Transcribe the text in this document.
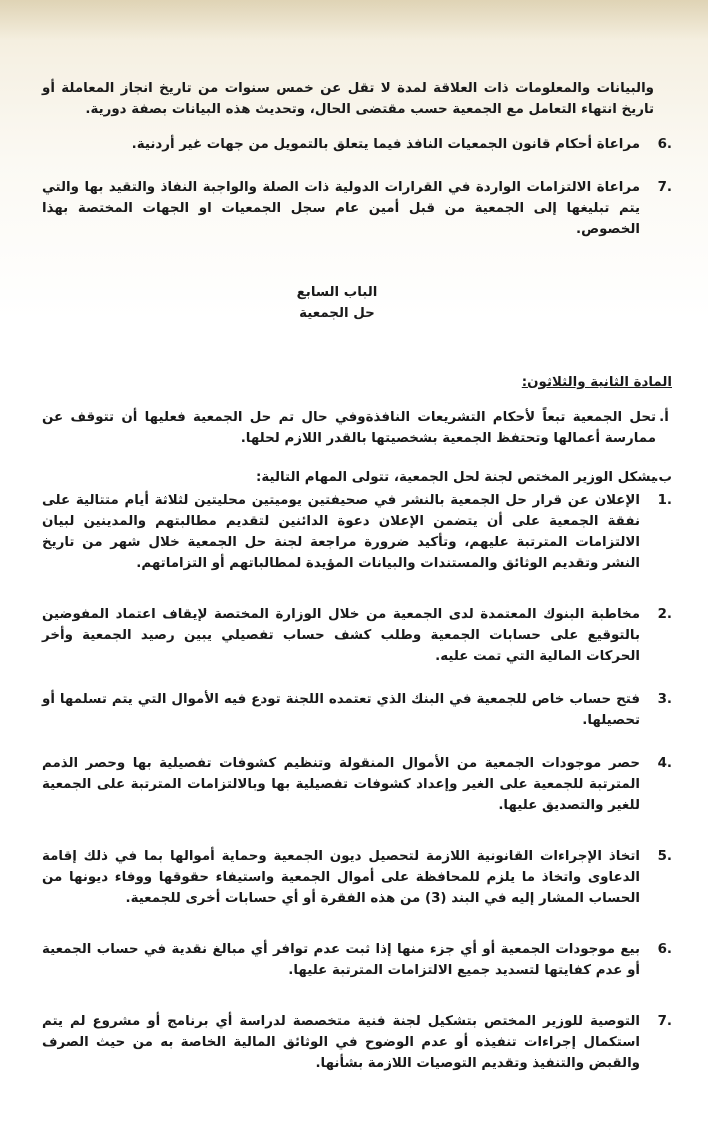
والبيانات والمعلومات ذات العلاقة لمدة لا تقل عن خمس سنوات من تاريخ انجاز المعاملة أو تاريخ انتهاء التعامل مع الجمعية حسب مقتضى الحال، وتحديث هذه البيانات بصفة دورية.

6.

مراعاة أحكام قانون الجمعيات النافذ فيما يتعلق بالتمويل من جهات غير أردنية.

7.

مراعاة الالتزامات الواردة في القرارات الدولية ذات الصلة والواجبة النفاذ والتقيد بها والتي يتم تبليغها إلى الجمعية من قبل أمين عام سجل الجمعيات او الجهات المختصة بهذا الخصوص.

الباب السابع

حل الجمعية

المادة الثانية والثلاثون:

أ.

تحل الجمعية تبعاً لأحكام التشريعات النافذةوفي حال تم حل الجمعية فعليها أن تتوقف عن ممارسة أعمالها وتحتفظ الجمعية بشخصيتها بالقدر اللازم لحلها.

ب.

يشكل الوزير المختص لجنة لحل الجمعية، تتولى المهام التالية:

1.

الإعلان عن قرار حل الجمعية بالنشر في صحيفتين يوميتين محليتين لثلاثة أيام متتالية على نفقة الجمعية على أن يتضمن الإعلان دعوة الدائنين لتقديم مطالبتهم والمدينين لبيان الالتزامات المترتبة عليهم، وتأكيد ضرورة مراجعة لجنة حل الجمعية خلال شهر من تاريخ النشر وتقديم الوثائق والمستندات والبيانات المؤيدة لمطالباتهم أو التزاماتهم.

2.

مخاطبة البنوك المعتمدة لدى الجمعية من خلال الوزارة المختصة لإيقاف اعتماد المفوضين بالتوقيع على حسابات الجمعية وطلب كشف حساب تفصيلي يبين رصيد الجمعية وأخر الحركات المالية التي تمت عليه.

3.

فتح حساب خاص للجمعية في البنك الذي تعتمده اللجنة تودع فيه الأموال التي يتم تسلمها أو تحصيلها.

4.

حصر موجودات الجمعية من الأموال المنقولة وتنظيم كشوفات تفصيلية بها وحصر الذمم المترتبة للجمعية على الغير وإعداد كشوفات تفصيلية بها وبالالتزامات المترتبة على الجمعية للغير والتصديق عليها.

5.

اتخاذ الإجراءات القانونية اللازمة لتحصيل ديون الجمعية وحماية أموالها بما في ذلك إقامة الدعاوى واتخاذ ما يلزم للمحافظة على أموال الجمعية واستيفاء حقوقها ووفاء ديونها من الحساب المشار إليه في البند (3) من هذه الفقرة أو أي حسابات أخرى للجمعية.

6.

بيع موجودات الجمعية أو أي جزء منها إذا ثبت عدم توافر أي مبالغ نقدية في حساب الجمعية أو عدم كفايتها لتسديد جميع الالتزامات المترتبة عليها.

7.

التوصية للوزير المختص بتشكيل لجنة فنية متخصصة لدراسة أي برنامج أو مشروع لم يتم استكمال إجراءات تنفيذه أو عدم الوضوح في الوثائق المالية الخاصة به من حيث الصرف والقبض والتنفيذ وتقديم التوصيات اللازمة بشأنها.
